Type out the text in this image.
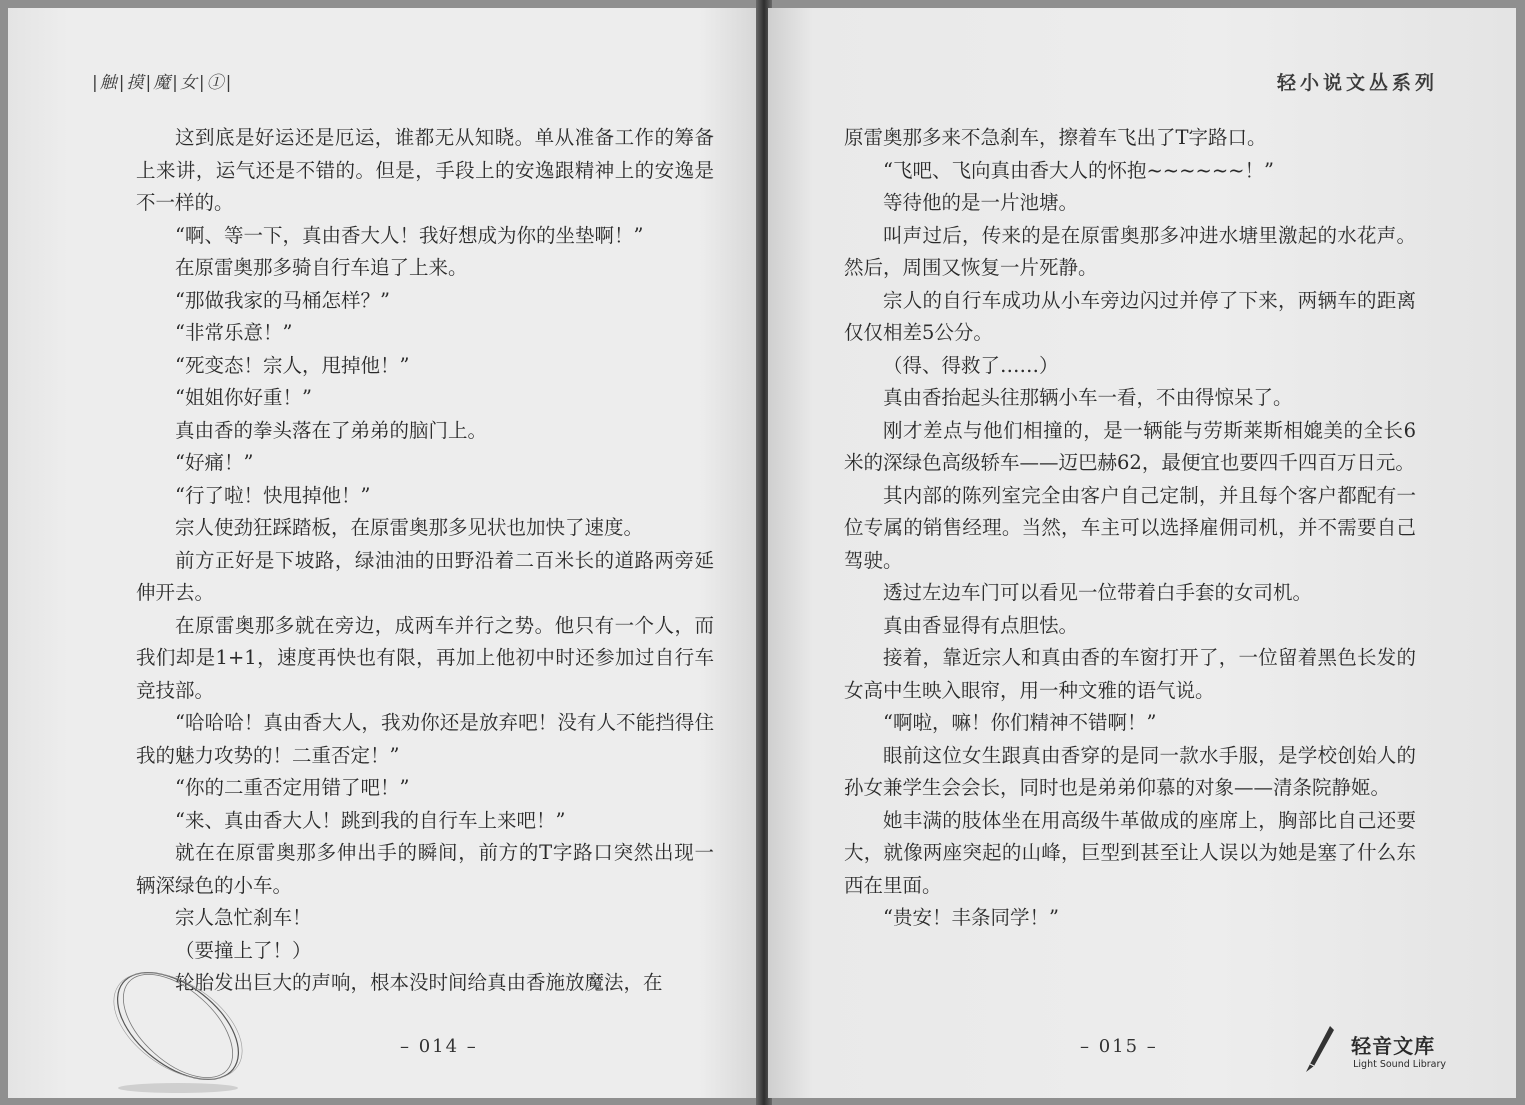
|触|摸|魔|女|①|

这到底是好运还是厄运，谁都无从知晓。单从准备工作的筹备上来讲，运气还是不错的。但是，手段上的安逸跟精神上的安逸是不一样的。

“啊、等一下，真由香大人！我好想成为你的坐垫啊！”

在原雷奥那多骑自行车追了上来。

“那做我家的马桶怎样？”

“非常乐意！”

“死变态！宗人，甩掉他！”

“姐姐你好重！”

真由香的拳头落在了弟弟的脑门上。

“好痛！”

“行了啦！快甩掉他！”

宗人使劲狂踩踏板，在原雷奥那多见状也加快了速度。

前方正好是下坡路，绿油油的田野沿着二百米长的道路两旁延伸开去。

在原雷奥那多就在旁边，成两车并行之势。他只有一个人，而我们却是1+1，速度再快也有限，再加上他初中时还参加过自行车竞技部。

“哈哈哈！真由香大人，我劝你还是放弃吧！没有人不能挡得住我的魅力攻势的！二重否定！”

“你的二重否定用错了吧！”

“来、真由香大人！跳到我的自行车上来吧！”

就在在原雷奥那多伸出手的瞬间，前方的T字路口突然出现一辆深绿色的小车。

宗人急忙刹车！

（要撞上了！）

轮胎发出巨大的声响，根本没时间给真由香施放魔法，在

– 014 –
轻小说文丛系列

原雷奥那多来不急刹车，擦着车飞出了T字路口。

“飞吧、飞向真由香大人的怀抱~~~~~~！”

等待他的是一片池塘。

叫声过后，传来的是在原雷奥那多冲进水塘里激起的水花声。然后，周围又恢复一片死静。

宗人的自行车成功从小车旁边闪过并停了下来，两辆车的距离仅仅相差5公分。

（得、得救了……）

真由香抬起头往那辆小车一看，不由得惊呆了。

刚才差点与他们相撞的，是一辆能与劳斯莱斯相媲美的全长6米的深绿色高级轿车——迈巴赫62，最便宜也要四千四百万日元。

其内部的陈列室完全由客户自己定制，并且每个客户都配有一位专属的销售经理。当然，车主可以选择雇佣司机，并不需要自己驾驶。

透过左边车门可以看见一位带着白手套的女司机。

真由香显得有点胆怯。

接着，靠近宗人和真由香的车窗打开了，一位留着黑色长发的女高中生映入眼帘，用一种文雅的语气说。

“啊啦，嘛！你们精神不错啊！”

眼前这位女生跟真由香穿的是同一款水手服，是学校创始人的孙女兼学生会会长，同时也是弟弟仰慕的对象——清条院静姬。

她丰满的肢体坐在用高级牛革做成的座席上，胸部比自己还要大，就像两座突起的山峰，巨型到甚至让人误以为她是塞了什么东西在里面。

“贵安！丰条同学！”

– 015 –	轻音文库
Light Sound Library
